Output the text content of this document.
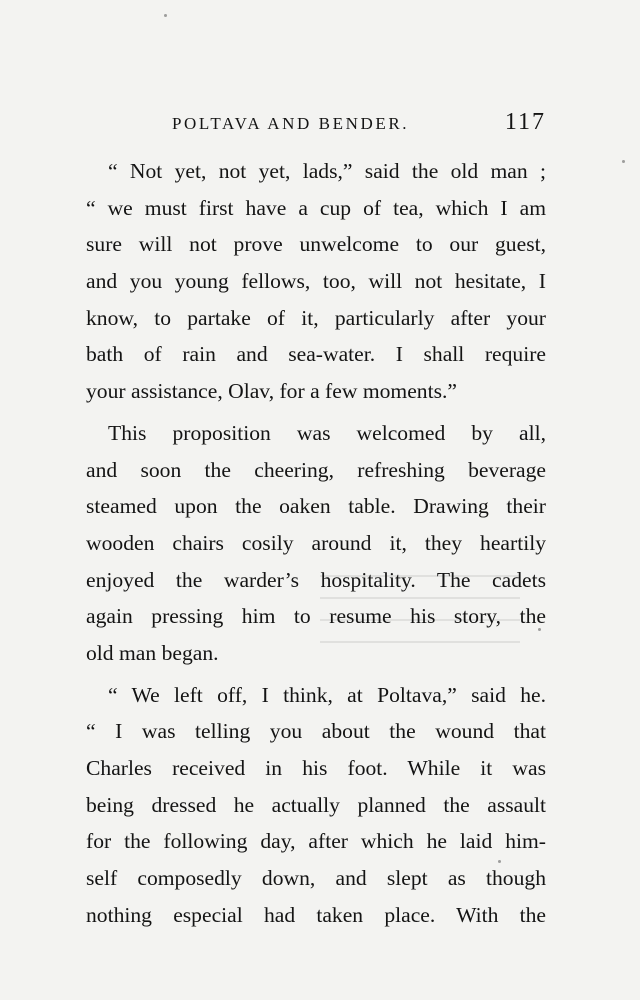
POLTAVA AND BENDER.	117
“ Not yet, not yet, lads,” said the old man ;
“ we must first have a cup of tea, which I am
sure will not prove unwelcome to our guest,
and you young fellows, too, will not hesitate, I
know, to partake of it, particularly after your
bath of rain and sea-water. I shall require
your assistance, Olav, for a few moments.”
This proposition was welcomed by all,
and soon the cheering, refreshing beverage
steamed upon the oaken table. Drawing their
wooden chairs cosily around it, they heartily
enjoyed the warder’s hospitality. The cadets
again pressing him to resume his story, the
old man began.
“ We left off, I think, at Poltava,” said he.
“ I was telling you about the wound that
Charles received in his foot. While it was
being dressed he actually planned the assault
for the following day, after which he laid him-
self composedly down, and slept as though
nothing especial had taken place. With the
